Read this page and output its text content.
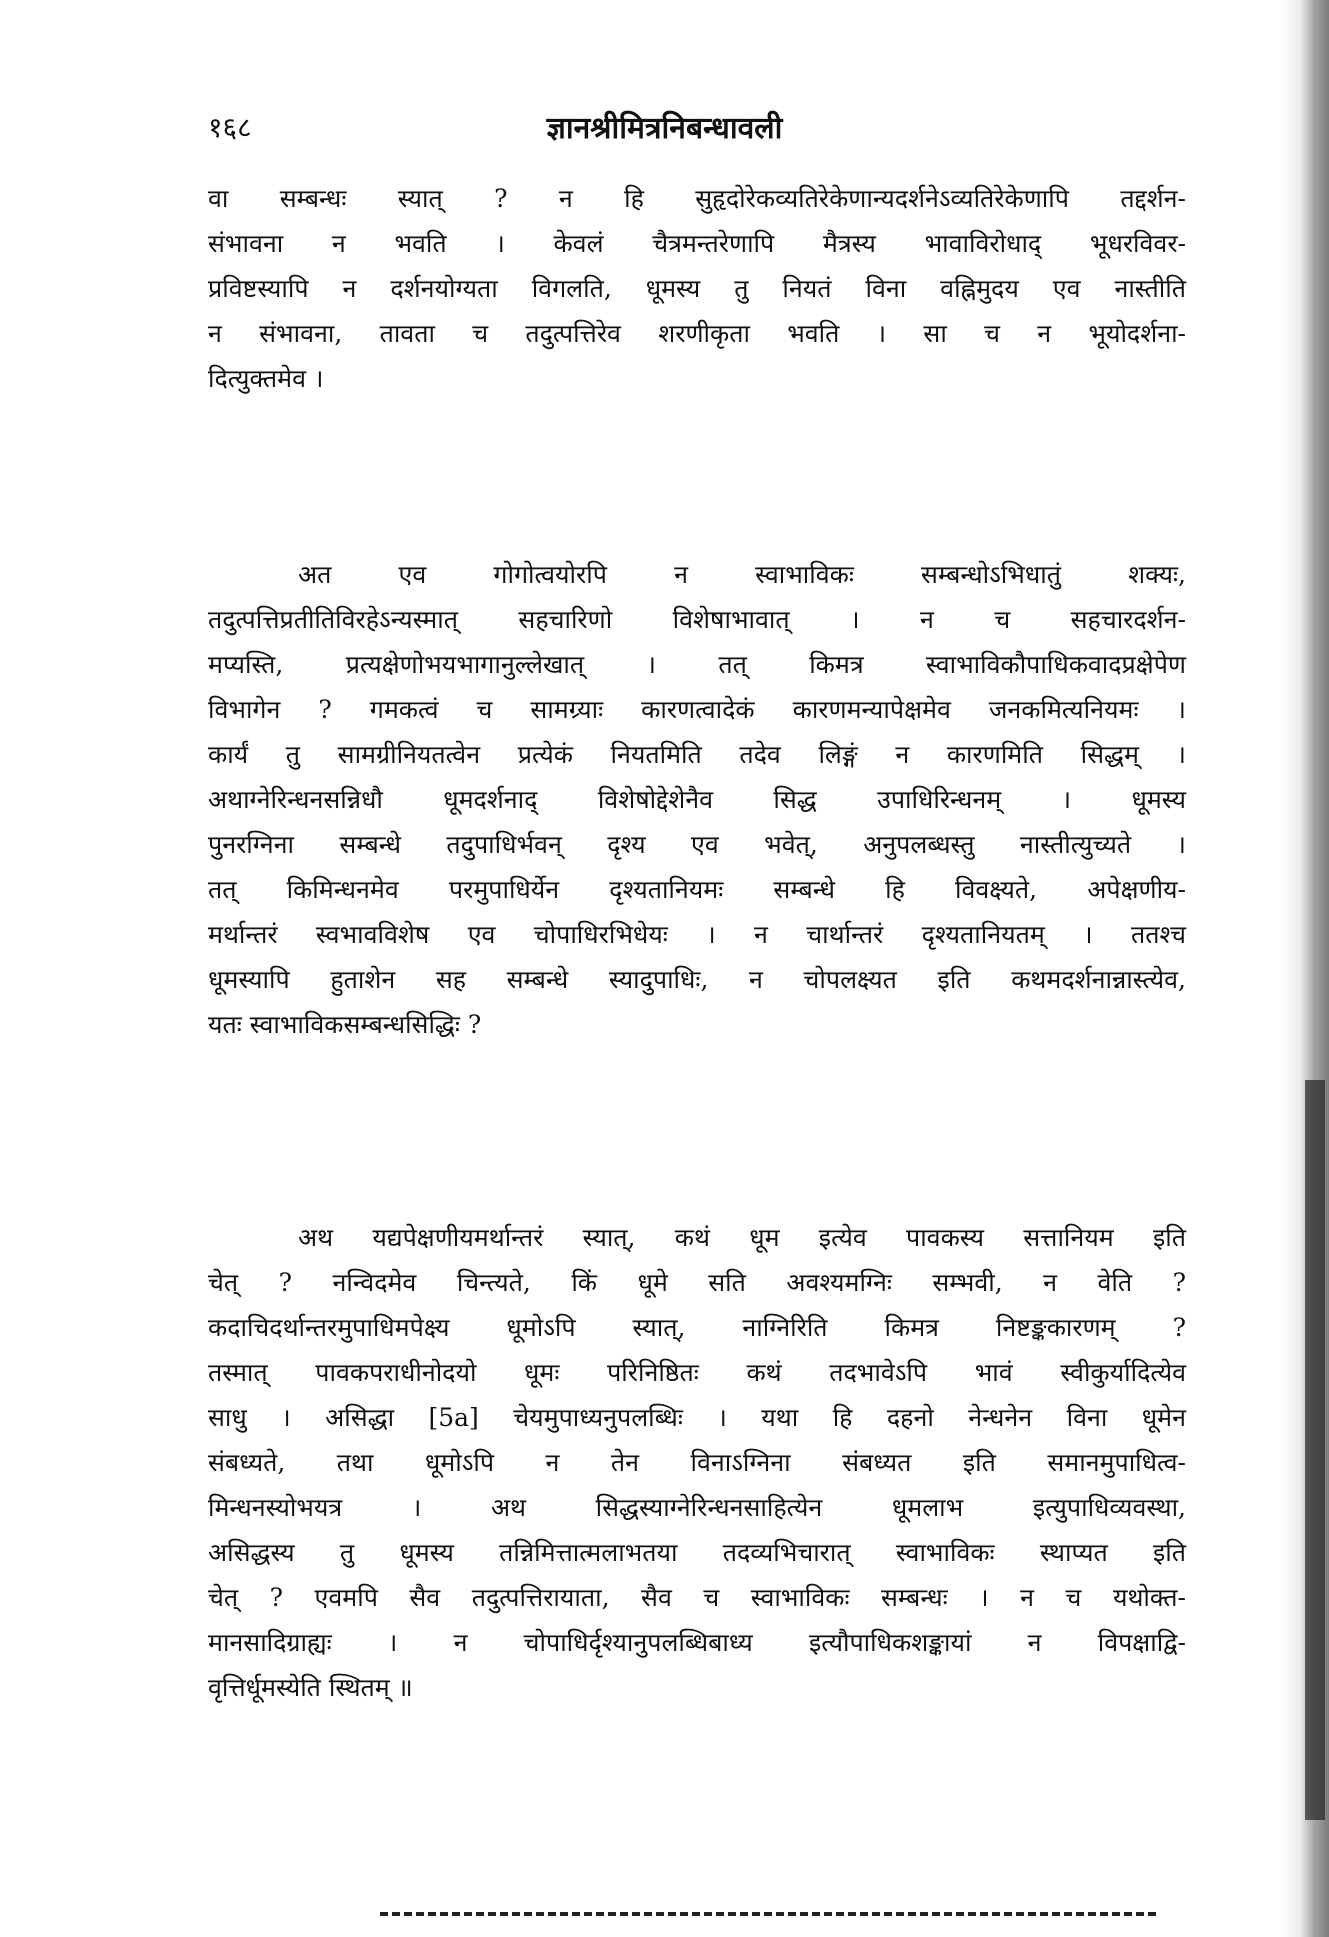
१६८	ज्ञानश्रीमित्रनिबन्धावली
वा सम्बन्धः स्यात् ? न हि सुहृदोरेकव्यतिरेकेणान्यदर्शनेऽव्यतिरेकेणापि तद्दर्शन-
संभावना न भवति । केवलं चैत्रमन्तरेणापि मैत्रस्य भावाविरोधाद् भूधरविवर-
प्रविष्टस्यापि न दर्शनयोग्यता विगलति, धूमस्य तु नियतं विना वह्निमुदय एव नास्तीति
न संभावना, तावता च तदुत्पत्तिरेव शरणीकृता भवति । सा च न भूयोदर्शना-
दित्युक्तमेव ।
अत एव गोगोत्वयोरपि न स्वाभाविकः सम्बन्धोऽभिधातुं शक्यः,
तदुत्पत्तिप्रतीतिविरहेऽन्यस्मात् सहचारिणो विशेषाभावात् । न च सहचारदर्शन-
मप्यस्ति, प्रत्यक्षेणोभयभागानुल्लेखात् । तत् किमत्र स्वाभाविकौपाधिकवादप्रक्षेपेण
विभागेन ? गमकत्वं च सामग्र्याः कारणत्वादेकं कारणमन्यापेक्षमेव जनकमित्यनियमः ।
कार्यं तु सामग्रीनियतत्वेन प्रत्येकं नियतमिति तदेव लिङ्गं न कारणमिति सिद्धम् ।
अथाग्नेरिन्धनसन्निधौ धूमदर्शनाद् विशेषोद्देशेनैव सिद्ध उपाधिरिन्धनम् । धूमस्य
पुनरग्निना सम्बन्धे तदुपाधिर्भवन् दृश्य एव भवेत्, अनुपलब्धस्तु नास्तीत्युच्यते ।
तत् किमिन्धनमेव परमुपाधिर्येन दृश्यतानियमः सम्बन्धे हि विवक्ष्यते, अपेक्षणीय-
मर्थान्तरं स्वभावविशेष एव चोपाधिरभिधेयः । न चार्थान्तरं दृश्यतानियतम् । ततश्च
धूमस्यापि हुताशेन सह सम्बन्धे स्यादुपाधिः, न चोपलक्ष्यत इति कथमदर्शनान्नास्त्येव,
यतः स्वाभाविकसम्बन्धसिद्धिः ?
अथ यद्यपेक्षणीयमर्थान्तरं स्यात्, कथं धूम इत्येव पावकस्य सत्तानियम इति
चेत् ? नन्विदमेव चिन्त्यते, किं धूमे सति अवश्यमग्निः सम्भवी, न वेति ?
कदाचिदर्थान्तरमुपाधिमपेक्ष्य धूमोऽपि स्यात्, नाग्निरिति किमत्र निष्टङ्ककारणम् ?
तस्मात् पावकपराधीनोदयो धूमः परिनिष्ठितः कथं तदभावेऽपि भावं स्वीकुर्यादित्येव
साधु । असिद्धा [5a] चेयमुपाध्यनुपलब्धिः । यथा हि दहनो नेन्धनेन विना धूमेन
संबध्यते, तथा धूमोऽपि न तेन विनाऽग्निना संबध्यत इति समानमुपाधित्व-
मिन्धनस्योभयत्र । अथ सिद्धस्याग्नेरिन्धनसाहित्येन धूमलाभ इत्युपाधिव्यवस्था,
असिद्धस्य तु धूमस्य तन्निमित्तात्मलाभतया तदव्यभिचारात् स्वाभाविकः स्थाप्यत इति
चेत् ? एवमपि सैव तदुत्पत्तिरायाता, सैव च स्वाभाविकः सम्बन्धः । न च यथोक्त-
मानसादिग्राह्यः । न चोपाधिर्दृश्यानुपलब्धिबाध्य इत्यौपाधिकशङ्कायां न विपक्षाद्वि-
वृत्तिर्धूमस्येति स्थितम् ॥
